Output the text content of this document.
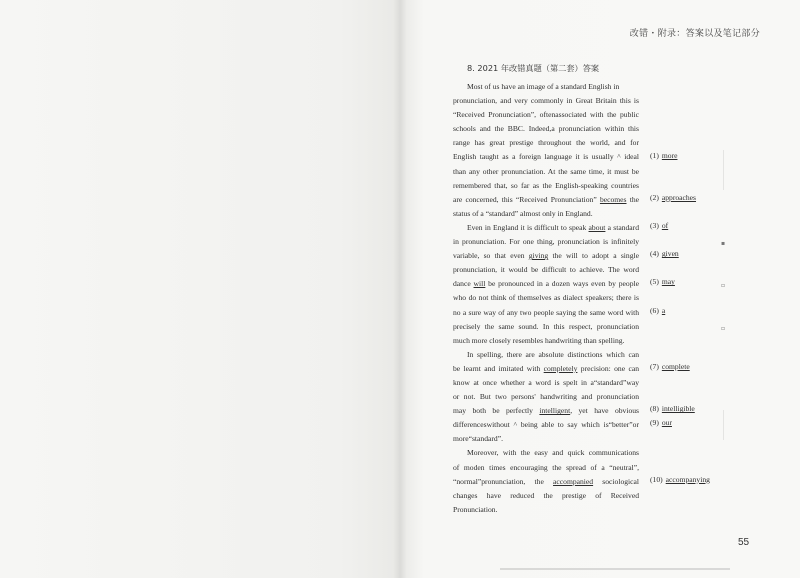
改错・附录：答案以及笔记部分
8. 2021 年改错真题（第二套）答案
Most of us have an image of a standard English in
pronunciation, and very commonly in Great Britain this is
“Received Pronunciation”, oftenassociated with the public
schools and the BBC. Indeed,a pronunciation within this
range has great prestige throughout the world, and for
English taught as a foreign language it is usually ^ ideal
than any other pronunciation. At the same time, it must be
remembered that, so far as the English-speaking countries
are concerned, this “Received Pronunciation” becomes the
status of a “standard” almost only in England.
Even in England it is difficult to speak about a standard
in pronunciation. For one thing, pronunciation is infinitely
variable, so that even giving the will to adopt a single
pronunciation, it would be difficult to achieve. The word
dance will be pronounced in a dozen ways even by people
who do not think of themselves as dialect speakers; there is
no a sure way of any two people saying the same word with
precisely the same sound. In this respect, pronunciation
much more closely resembles handwriting than spelling.
In spelling, there are absolute distinctions which can
be learnt and imitated with completely precision: one can
know at once whether a word is spelt in a“standard”way
or not. But two persons' handwriting and pronunciation
may both be perfectly intelligent, yet have obvious
differenceswithout ^ being able to say which is“better”or
more“standard”.
Moreover, with the easy and quick communications
of moden times encouraging the spread of a “neutral”,
“normal”pronunciation, the accompanied sociological
changes have reduced the prestige of Received
Pronunciation.
(1) more
(2) approaches
(3) of
(4) given
(5) may
(6) a
(7) complete
(8) intelligible
(9) our
(10) accompanying
▪
▫
▫
55
